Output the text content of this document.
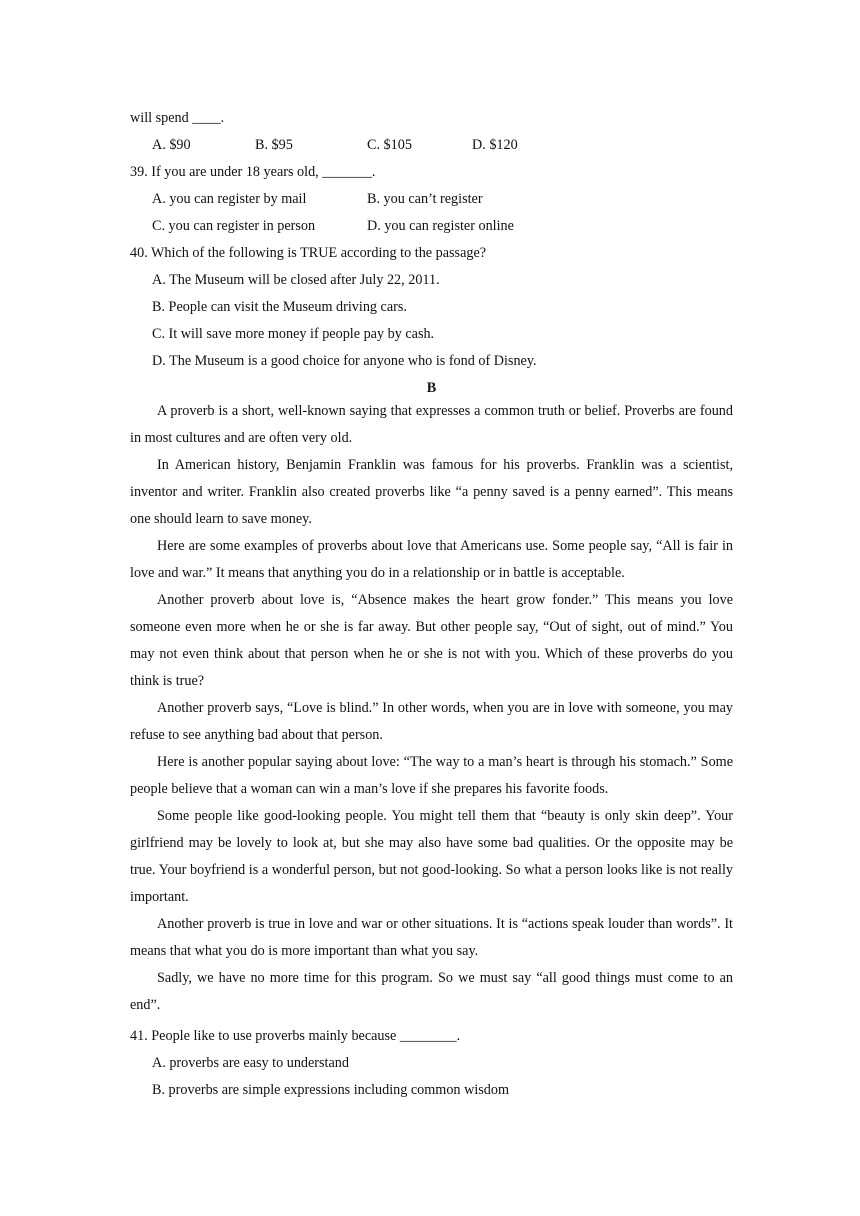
will spend ____.
A. $90	B. $95	C. $105	D. $120
39. If you are under 18 years old, _______.
A. you can register by mail	B. you can’t register
C. you can register in person	D. you can register online
40. Which of the following is TRUE according to the passage?
A. The Museum will be closed after July 22, 2011.
B. People can visit the Museum driving cars.
C. It will save more money if people pay by cash.
D. The Museum is a good choice for anyone who is fond of Disney.
B

A proverb is a short, well-known saying that expresses a common truth or belief. Proverbs are found in most cultures and are often very old.

In American history, Benjamin Franklin was famous for his proverbs. Franklin was a scientist, inventor and writer. Franklin also created proverbs like “a penny saved is a penny earned”. This means one should learn to save money.

Here are some examples of proverbs about love that Americans use. Some people say, “All is fair in love and war.” It means that anything you do in a relationship or in battle is acceptable.

Another proverb about love is, “Absence makes the heart grow fonder.” This means you love someone even more when he or she is far away. But other people say, “Out of sight, out of mind.” You may not even think about that person when he or she is not with you. Which of these proverbs do you think is true?

Another proverb says, “Love is blind.” In other words, when you are in love with someone, you may refuse to see anything bad about that person.

Here is another popular saying about love: “The way to a man’s heart is through his stomach.” Some people believe that a woman can win a man’s love if she prepares his favorite foods.

Some people like good-looking people. You might tell them that “beauty is only skin deep”. Your girlfriend may be lovely to look at, but she may also have some bad qualities. Or the opposite may be true. Your boyfriend is a wonderful person, but not good-looking. So what a person looks like is not really important.

Another proverb is true in love and war or other situations. It is “actions speak louder than words”. It means that what you do is more important than what you say.

Sadly, we have no more time for this program. So we must say “all good things must come to an end”.

41. People like to use proverbs mainly because ________.
A. proverbs are easy to understand
B. proverbs are simple expressions including common wisdom
